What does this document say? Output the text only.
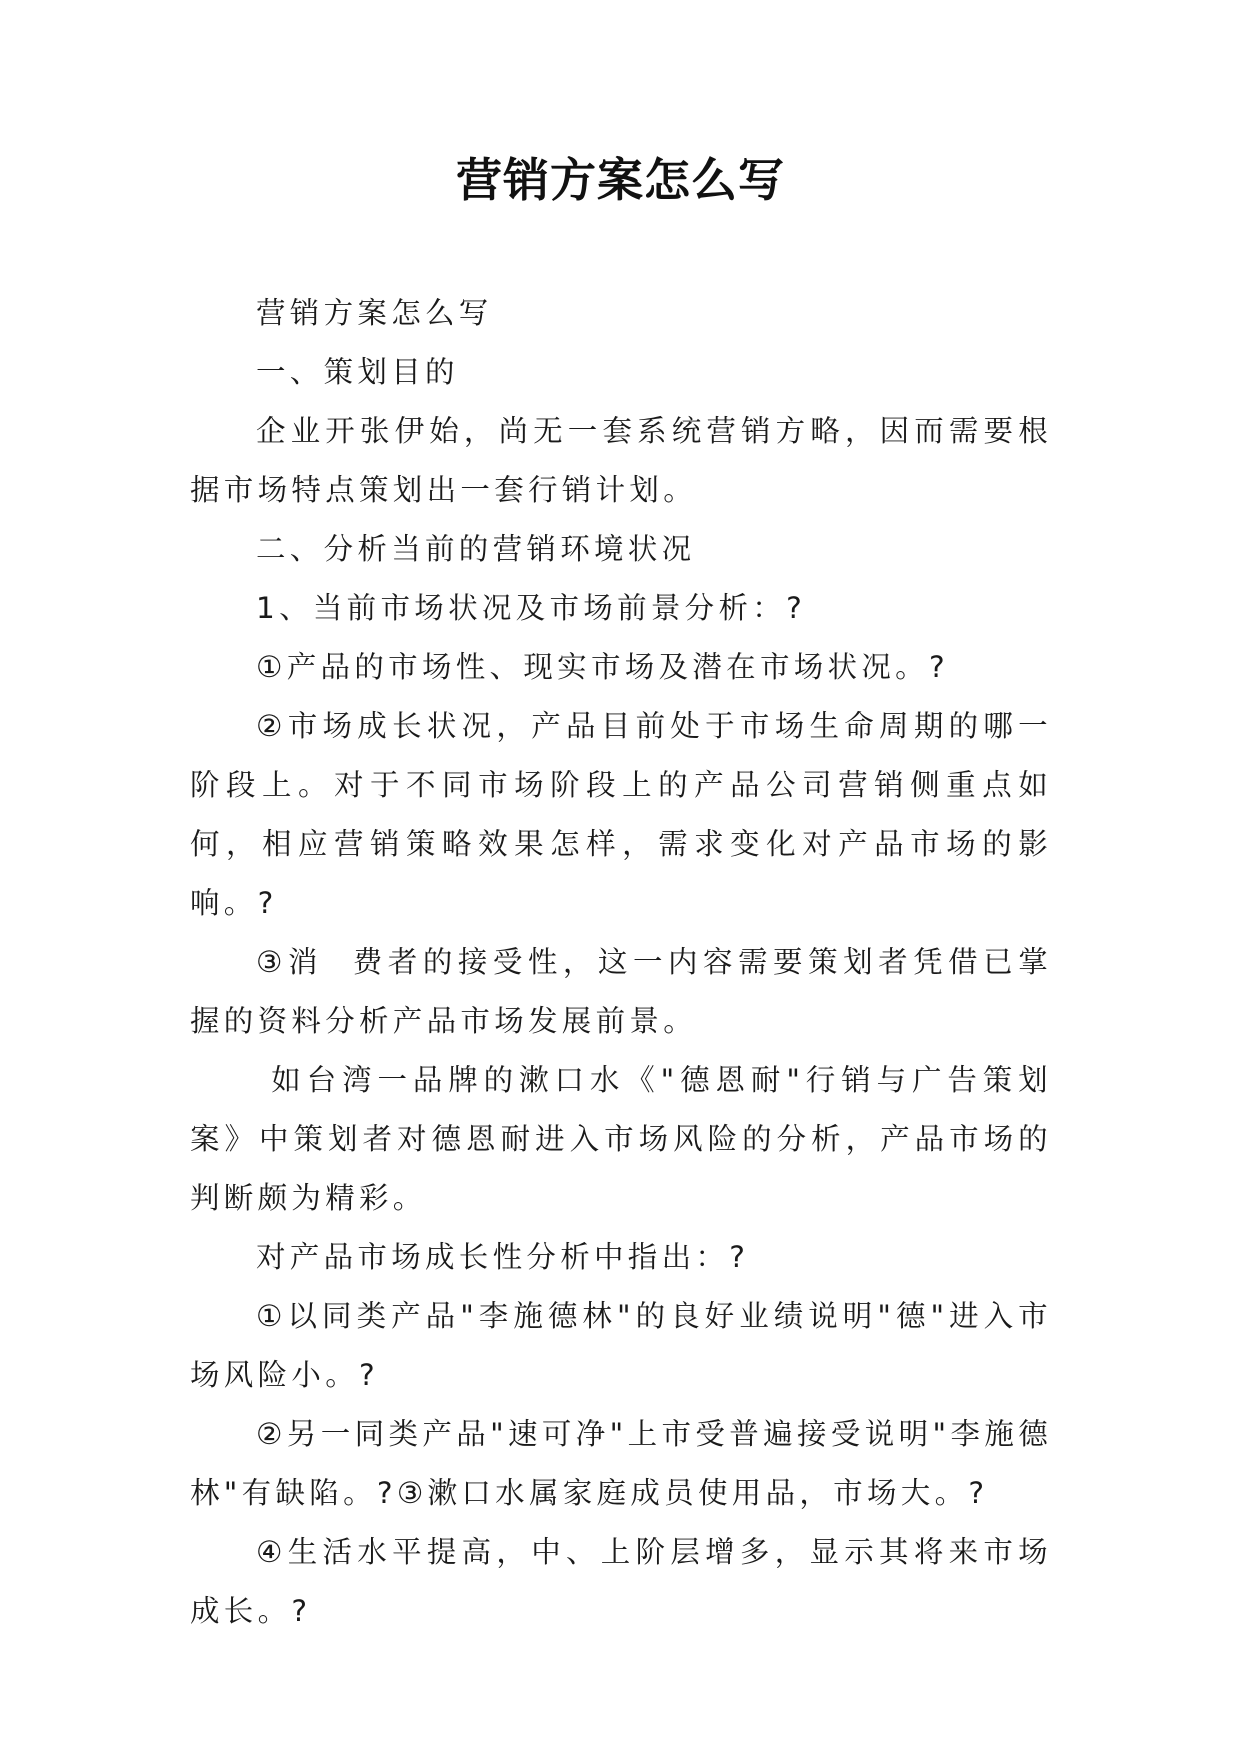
营销方案怎么写

营销方案怎么写

一、策划目的

企业开张伊始，尚无一套系统营销方略，因而需要根据市场特点策划出一套行销计划。

二、分析当前的营销环境状况

1、当前市场状况及市场前景分析：?

①产品的市场性、现实市场及潜在市场状况。?

②市场成长状况，产品目前处于市场生命周期的哪一阶段上。对于不同市场阶段上的产品公司营销侧重点如何，相应营销策略效果怎样，需求变化对产品市场的影响。?

③消  费者的接受性，这一内容需要策划者凭借已掌握的资料分析产品市场发展前景。

如台湾一品牌的漱口水《"德恩耐"行销与广告策划案》中策划者对德恩耐进入市场风险的分析，产品市场的判断颇为精彩。

对产品市场成长性分析中指出：?

①以同类产品"李施德林"的良好业绩说明"德"进入市场风险小。?

②另一同类产品"速可净"上市受普遍接受说明"李施德林"有缺陷。?③漱口水属家庭成员使用品，市场大。?

④生活水平提高，中、上阶层增多，显示其将来市场成长。?
